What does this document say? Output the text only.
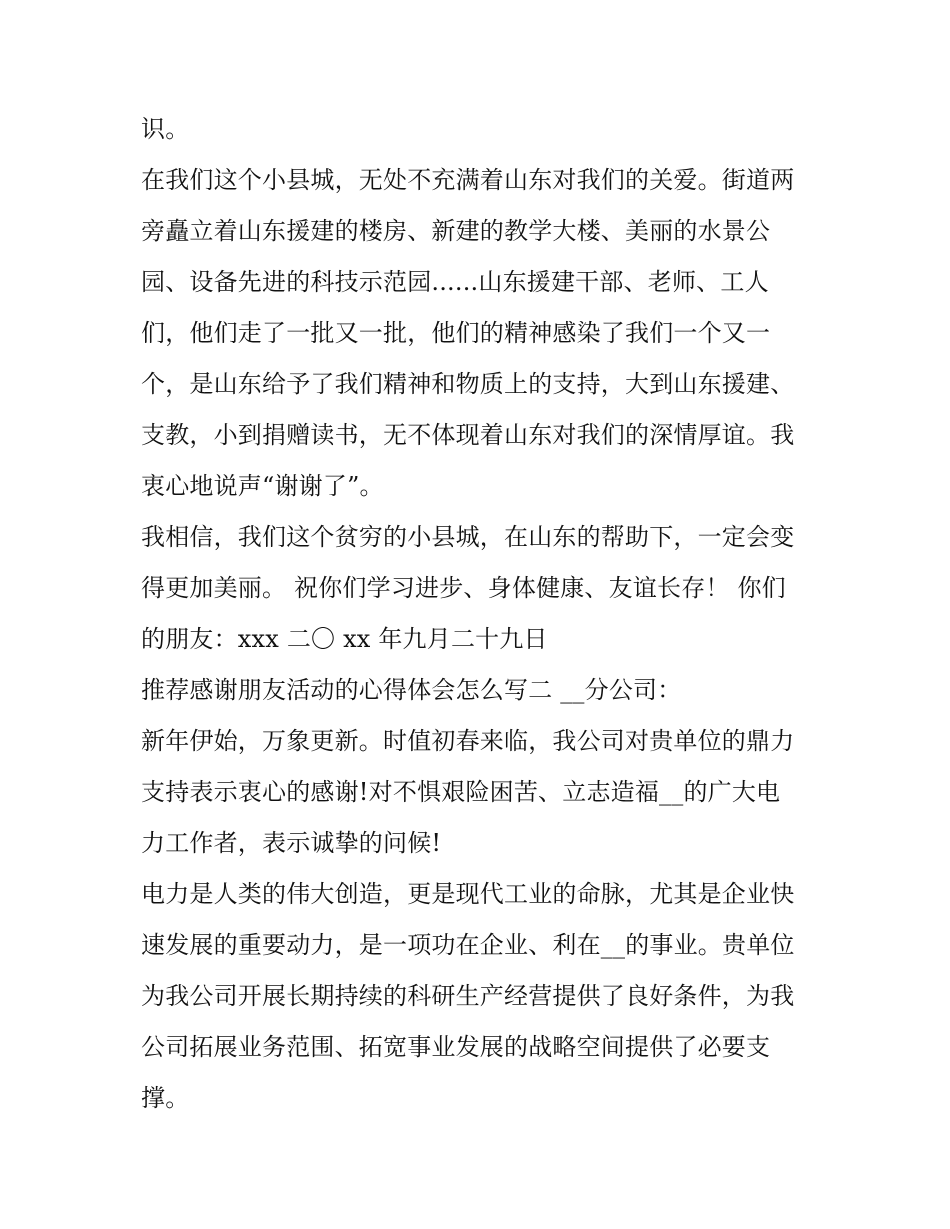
识。
在我们这个小县城，无处不充满着山东对我们的关爱。街道两
旁矗立着山东援建的楼房、新建的教学大楼、美丽的水景公
园、设备先进的科技示范园......山东援建干部、老师、工人
们，他们走了一批又一批，他们的精神感染了我们一个又一
个，是山东给予了我们精神和物质上的支持，大到山东援建、
支教，小到捐赠读书，无不体现着山东对我们的深情厚谊。我
衷心地说声“谢谢了”。
我相信，我们这个贫穷的小县城，在山东的帮助下，一定会变
得更加美丽。 祝你们学习进步、身体健康、友谊长存！ 你们
的朋友：xxx 二〇 xx 年九月二十九日
推荐感谢朋友活动的心得体会怎么写二 __分公司：
新年伊始，万象更新。时值初春来临，我公司对贵单位的鼎力
支持表示衷心的感谢!对不惧艰险困苦、立志造福__的广大电
力工作者，表示诚挚的问候!
电力是人类的伟大创造，更是现代工业的命脉，尤其是企业快
速发展的重要动力，是一项功在企业、利在__的事业。贵单位
为我公司开展长期持续的科研生产经营提供了良好条件，为我
公司拓展业务范围、拓宽事业发展的战略空间提供了必要支
撑。
